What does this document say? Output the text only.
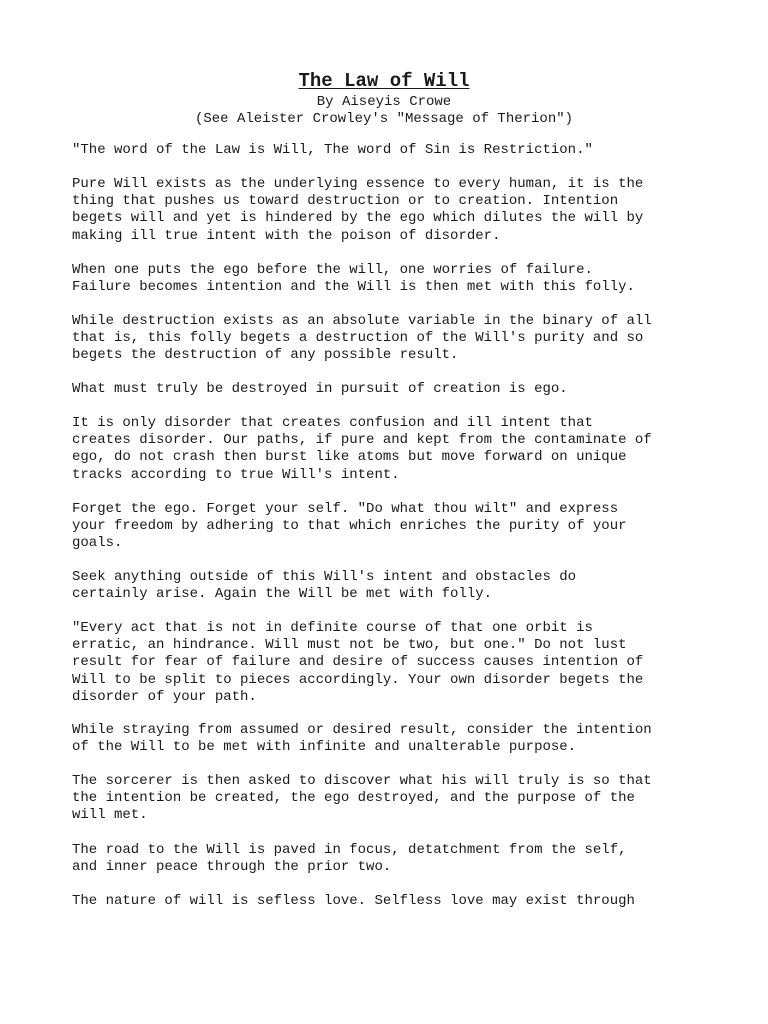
The Law of Will
By Aiseyis Crowe
(See Aleister Crowley's "Message of Therion")

"The word of the Law is Will, The word of Sin is Restriction."

Pure Will exists as the underlying essence to every human, it is the
thing that pushes us toward destruction or to creation. Intention
begets will and yet is hindered by the ego which dilutes the will by
making ill true intent with the poison of disorder.

When one puts the ego before the will, one worries of failure.
Failure becomes intention and the Will is then met with this folly.

While destruction exists as an absolute variable in the binary of all
that is, this folly begets a destruction of the Will's purity and so
begets the destruction of any possible result.

What must truly be destroyed in pursuit of creation is ego.

It is only disorder that creates confusion and ill intent that
creates disorder. Our paths, if pure and kept from the contaminate of
ego, do not crash then burst like atoms but move forward on unique
tracks according to true Will's intent.

Forget the ego. Forget your self. "Do what thou wilt" and express
your freedom by adhering to that which enriches the purity of your
goals.

Seek anything outside of this Will's intent and obstacles do
certainly arise. Again the Will be met with folly.

"Every act that is not in definite course of that one orbit is
erratic, an hindrance. Will must not be two, but one." Do not lust
result for fear of failure and desire of success causes intention of
Will to be split to pieces accordingly. Your own disorder begets the
disorder of your path.

While straying from assumed or desired result, consider the intention
of the Will to be met with infinite and unalterable purpose.

The sorcerer is then asked to discover what his will truly is so that
the intention be created, the ego destroyed, and the purpose of the
will met.

The road to the Will is paved in focus, detatchment from the self,
and inner peace through the prior two.

The nature of will is sefless love. Selfless love may exist through
